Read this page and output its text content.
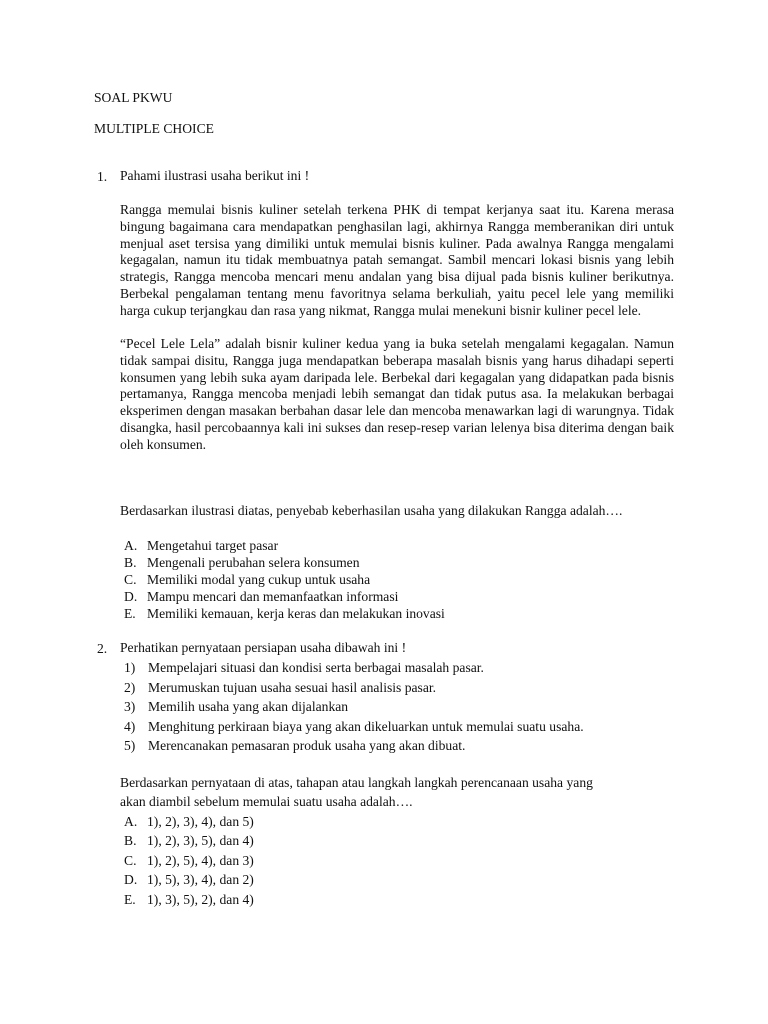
SOAL PKWU
MULTIPLE CHOICE
1. Pahami ilustrasi usaha berikut ini !
Rangga memulai bisnis kuliner setelah terkena PHK di tempat kerjanya saat itu. Karena merasa bingung bagaimana cara mendapatkan penghasilan lagi, akhirnya Rangga memberanikan diri untuk menjual aset tersisa yang dimiliki untuk memulai bisnis kuliner. Pada awalnya Rangga mengalami kegagalan, namun itu tidak membuatnya patah semangat. Sambil mencari lokasi bisnis yang lebih strategis, Rangga mencoba mencari menu andalan yang bisa dijual pada bisnis kuliner berikutnya. Berbekal pengalaman tentang menu favoritnya selama berkuliah, yaitu pecel lele yang memiliki harga cukup terjangkau dan rasa yang nikmat, Rangga mulai menekuni bisnir kuliner pecel lele.
“Pecel Lele Lela” adalah bisnir kuliner kedua yang ia buka setelah mengalami kegagalan. Namun tidak sampai disitu, Rangga juga mendapatkan beberapa masalah bisnis yang harus dihadapi seperti konsumen yang lebih suka ayam daripada lele. Berbekal dari kegagalan yang didapatkan pada bisnis pertamanya, Rangga mencoba menjadi lebih semangat dan tidak putus asa. Ia melakukan berbagai eksperimen dengan masakan berbahan dasar lele dan mencoba menawarkan lagi di warungnya. Tidak disangka, hasil percobaannya kali ini sukses dan resep-resep varian lelenya bisa diterima dengan baik oleh konsumen.
Berdasarkan ilustrasi diatas, penyebab keberhasilan usaha yang dilakukan Rangga adalah….
A. Mengetahui target pasar
B. Mengenali perubahan selera konsumen
C. Memiliki modal yang cukup untuk usaha
D. Mampu mencari dan memanfaatkan informasi
E. Memiliki kemauan, kerja keras dan melakukan inovasi
2. Perhatikan pernyataan persiapan usaha dibawah ini !
1) Mempelajari situasi dan kondisi serta berbagai masalah pasar.
2) Merumuskan tujuan usaha sesuai hasil analisis pasar.
3) Memilih usaha yang akan dijalankan
4) Menghitung perkiraan biaya yang akan dikeluarkan untuk memulai suatu usaha.
5) Merencanakan pemasaran produk usaha yang akan dibuat.
Berdasarkan pernyataan di atas, tahapan atau langkah langkah perencanaan usaha yang
akan diambil sebelum memulai suatu usaha adalah….
A. 1), 2), 3), 4), dan 5)
B. 1), 2), 3), 5), dan 4)
C. 1), 2), 5), 4), dan 3)
D. 1), 5), 3), 4), dan 2)
E. 1), 3), 5), 2), dan 4)
